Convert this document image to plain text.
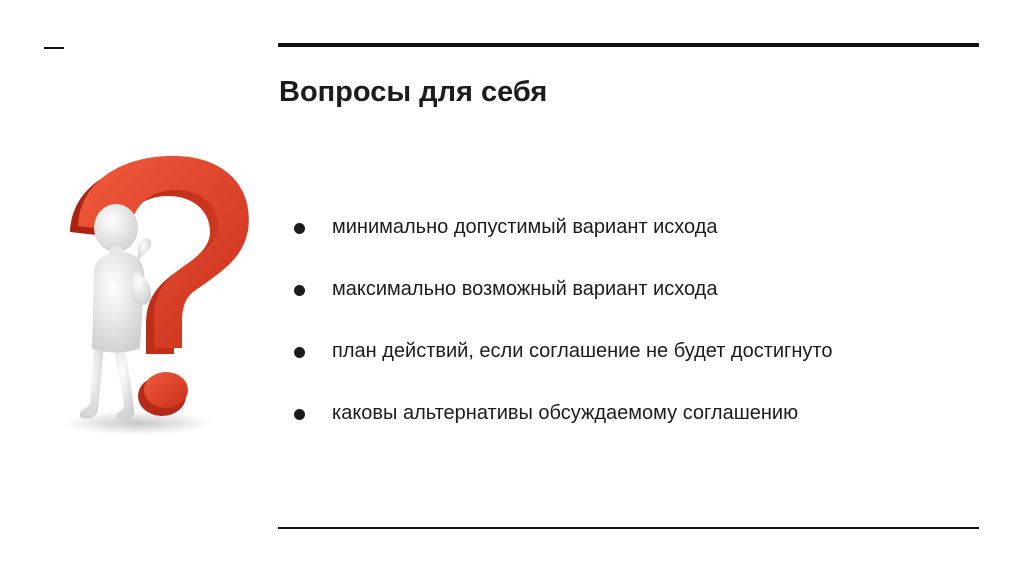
Вопросы для себя
минимально допустимый вариант исхода
максимально возможный вариант исхода
план действий, если соглашение не будет достигнуто
каковы альтернативы обсуждаемому соглашению
